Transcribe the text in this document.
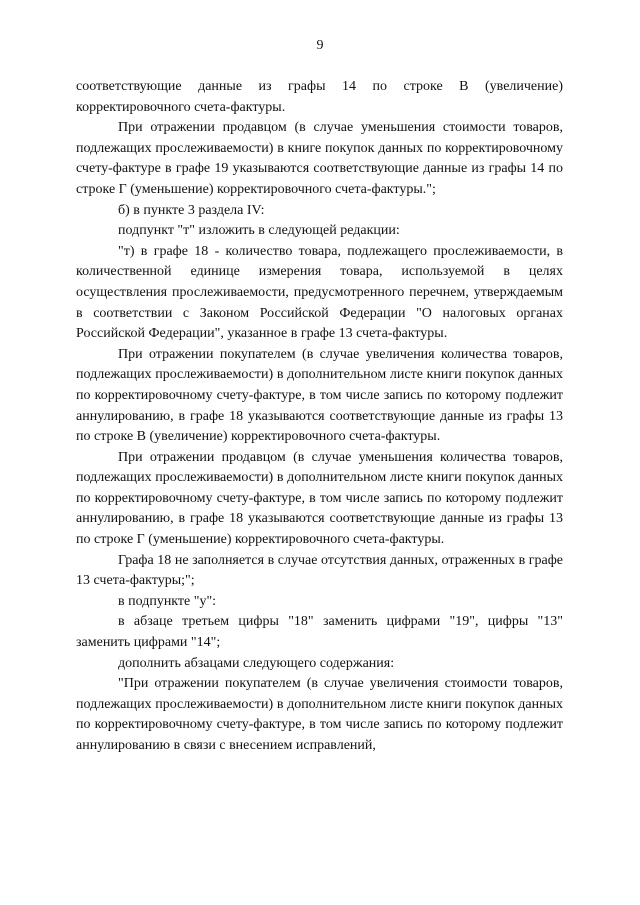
9

соответствующие данные из графы 14 по строке В (увеличение) корректировочного счета-фактуры.

При отражении продавцом (в случае уменьшения стоимости товаров, подлежащих прослеживаемости) в книге покупок данных по корректировочному счету-фактуре в графе 19 указываются соответствующие данные из графы 14 по строке Г (уменьшение) корректировочного счета-фактуры.";

б) в пункте 3 раздела IV:

подпункт "т" изложить в следующей редакции:

"т) в графе 18 - количество товара, подлежащего прослеживаемости, в количественной единице измерения товара, используемой в целях осуществления прослеживаемости, предусмотренного перечнем, утверждаемым в соответствии с Законом Российской Федерации "О налоговых органах Российской Федерации", указанное в графе 13 счета-фактуры.

При отражении покупателем (в случае увеличения количества товаров, подлежащих прослеживаемости) в дополнительном листе книги покупок данных по корректировочному счету-фактуре, в том числе запись по которому подлежит аннулированию, в графе 18 указываются соответствующие данные из графы 13 по строке В (увеличение) корректировочного счета-фактуры.

При отражении продавцом (в случае уменьшения количества товаров, подлежащих прослеживаемости) в дополнительном листе книги покупок данных по корректировочному счету-фактуре, в том числе запись по которому подлежит аннулированию, в графе 18 указываются соответствующие данные из графы 13 по строке Г (уменьшение) корректировочного счета-фактуры.

Графа 18 не заполняется в случае отсутствия данных, отраженных в графе 13 счета-фактуры;";

в подпункте "у":

в абзаце третьем цифры "18" заменить цифрами "19", цифры "13" заменить цифрами "14";

дополнить абзацами следующего содержания:

"При отражении покупателем (в случае увеличения стоимости товаров, подлежащих прослеживаемости) в дополнительном листе книги покупок данных по корректировочному счету-фактуре, в том числе запись по которому подлежит аннулированию в связи с внесением исправлений,
